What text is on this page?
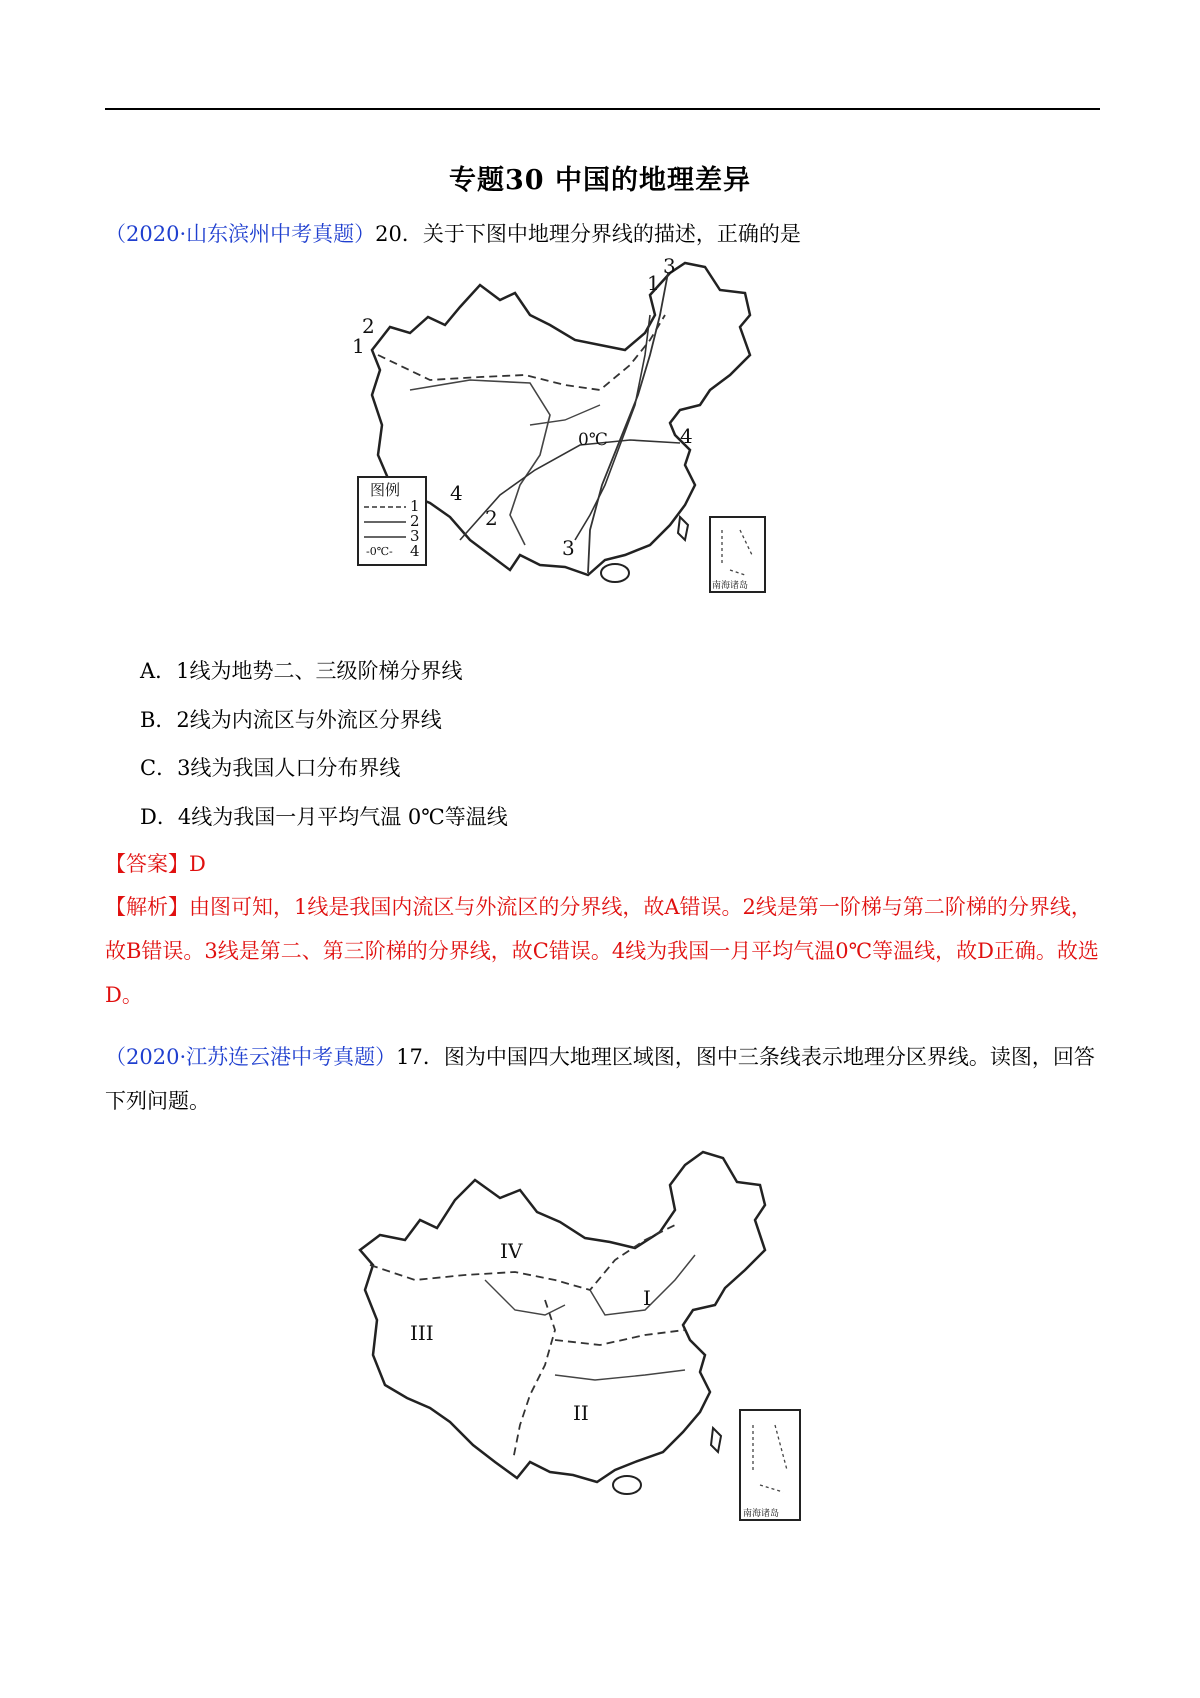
专题30 中国的地理差异
（2020·山东滨州中考真题）20．关于下图中地理分界线的描述，正确的是
3
1
2
1
0℃	4
4
2
3
图例
1
2
3
-0℃- 4
南海诸岛
A．1线为地势二、三级阶梯分界线
B．2线为内流区与外流区分界线
C．3线为我国人口分布界线
D．4线为我国一月平均气温 0℃等温线
【答案】D
【解析】由图可知，1线是我国内流区与外流区的分界线，故A错误。2线是第一阶梯与第二阶梯的分界线，故B错误。3线是第二、第三阶梯的分界线，故C错误。4线为我国一月平均气温0℃等温线，故D正确。故选D。
（2020·江苏连云港中考真题）17．图为中国四大地理区域图，图中三条线表示地理分区界线。读图，回答下列问题。
IV
I
III
II
南海诸岛
